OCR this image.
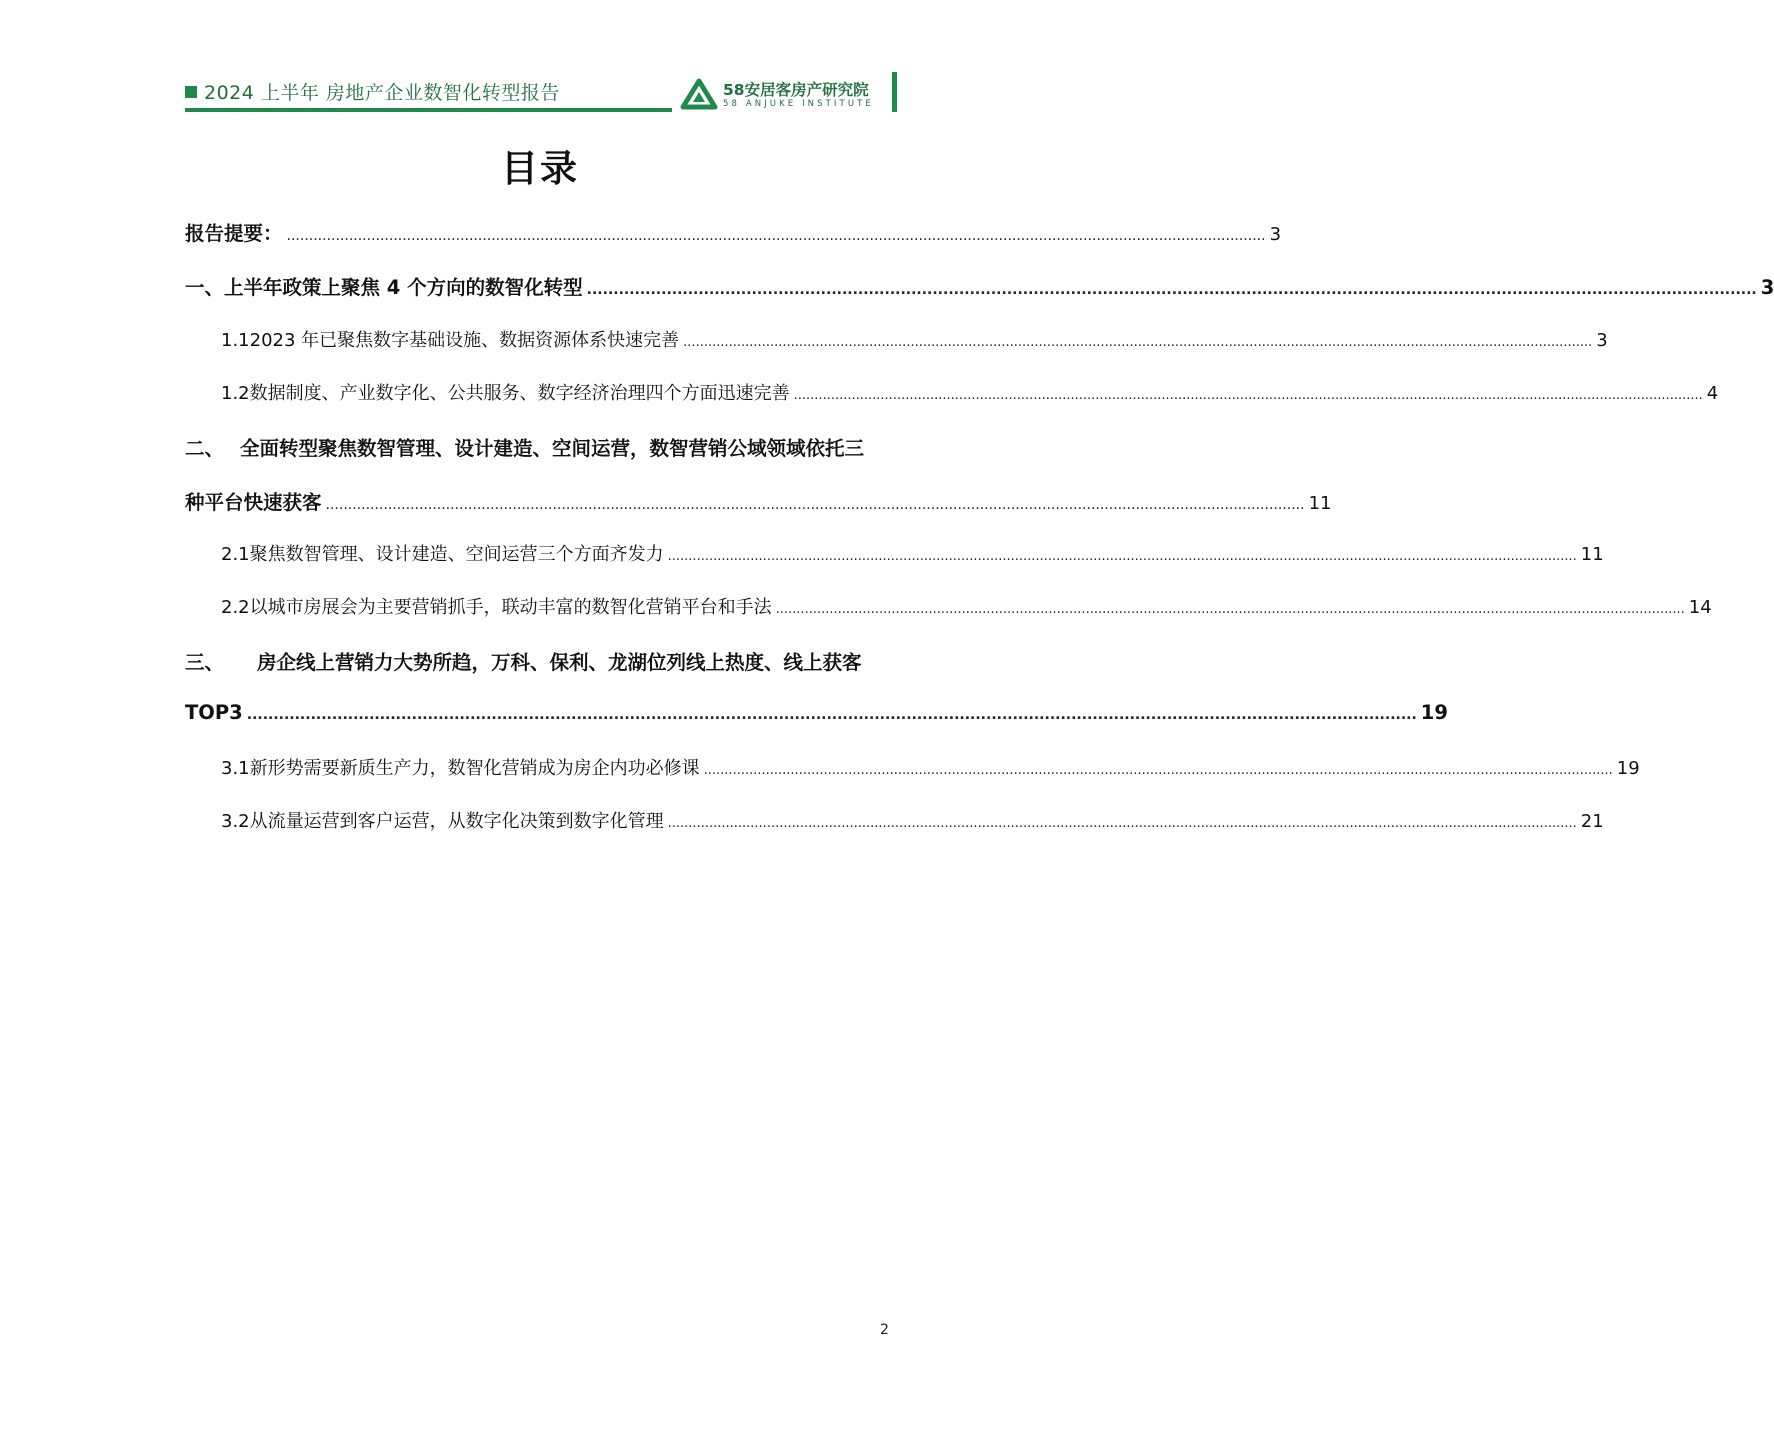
2024 上半年 房地产企业数智化转型报告	58安居客房产研究院
58 ANJUKE INSTITUTE
目录
报告提要： ............................................................................................................................................................................................................................ 3
一、 上半年政策上聚焦 4 个方向的数智化转型 ............................................................................................................................................................................................................................ 3
1.1 2023 年已聚焦数字基础设施、数据资源体系快速完善 ............................................................................................................................................................................................................................ 3
1.2 数据制度、产业数字化、公共服务、数字经济治理四个方面迅速完善 ............................................................................................................................................................................................................................ 4
二、 全面转型聚焦数智管理、设计建造、空间运营，数智营销公域领域依托三
种平台快速获客 ............................................................................................................................................................................................................................ 11
2.1 聚焦数智管理、设计建造、空间运营三个方面齐发力 ............................................................................................................................................................................................................................ 11
2.2 以城市房展会为主要营销抓手，联动丰富的数智化营销平台和手法 ............................................................................................................................................................................................................................ 14
三、	房企线上营销力大势所趋，万科、保利、龙湖位列线上热度、线上获客
TOP3 ............................................................................................................................................................................................................................ 19
3.1 新形势需要新质生产力，数智化营销成为房企内功必修课 ............................................................................................................................................................................................................................ 19
3.2 从流量运营到客户运营，从数字化决策到数字化管理 ............................................................................................................................................................................................................................ 21
2
